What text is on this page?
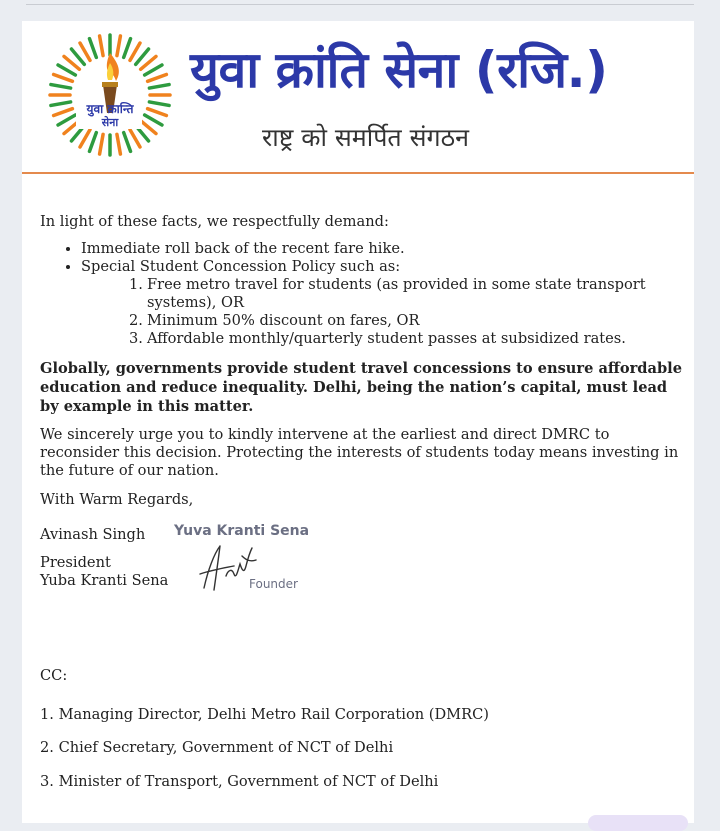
युवा क्रान्ति
सेना
युवा क्रांति सेना (रजि.)
राष्ट्र को समर्पित संगठन

In light of these facts, we respectfully demand:

• Immediate roll back of the recent fare hike.
• Special Student Concession Policy such as:
1. Free metro travel for students (as provided in some state transport systems), OR
2. Minimum 50% discount on fares, OR
3. Affordable monthly/quarterly student passes at subsidized rates.

Globally, governments provide student travel concessions to ensure affordable education and reduce inequality. Delhi, being the nation’s capital, must lead by example in this matter.

We sincerely urge you to kindly intervene at the earliest and direct DMRC to reconsider this decision. Protecting the interests of students today means investing in the future of our nation.

With Warm Regards,

Avinash Singh Yuva Kranti Sena
President
Yuba Kranti Sena	Founder
CC:
1. Managing Director, Delhi Metro Rail Corporation (DMRC)
2. Chief Secretary, Government of NCT of Delhi
3. Minister of Transport, Government of NCT of Delhi
